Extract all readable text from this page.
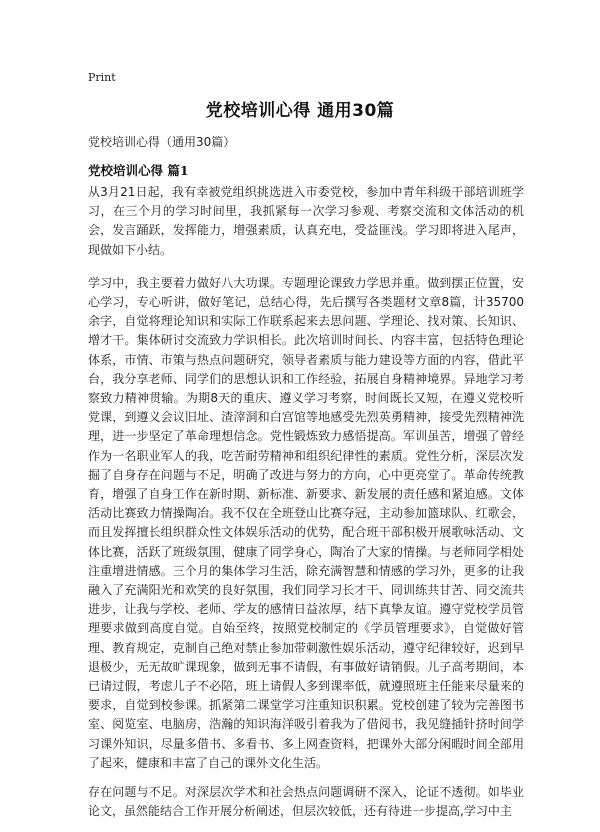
Print
党校培训心得 通用30篇
党校培训心得（通用30篇）
党校培训心得 篇1

从3月21日起，我有幸被党组织挑选进入市委党校，参加中青年科级干部培训班学习，在三个月的学习时间里，我抓紧每一次学习参观、考察交流和文体活动的机会，发言踊跃，发挥能力，增强素质，认真充电，受益匪浅。学习即将进入尾声，现做如下小结。

学习中，我主要着力做好八大功课。专题理论课致力学思并重。做到摆正位置，安心学习，专心听讲，做好笔记，总结心得，先后撰写各类题材文章8篇，计35700余字，自觉将理论知识和实际工作联系起来去思问题、学理论、找对策、长知识、增才干。集体研讨交流致力学识相长。此次培训时间长、内容丰富，包括特色理论体系，市情、市策与热点问题研究，领导者素质与能力建设等方面的内容，借此平台，我分享老师、同学们的思想认识和工作经验，拓展自身精神境界。异地学习考察致力精神贯输。为期8天的重庆、遵义学习考察，时间既长又短，在遵义党校听党课，到遵义会议旧址、渣滓洞和白宫馆等地感受先烈英勇精神，接受先烈精神洗理，进一步坚定了革命理想信念。党性锻炼致力感悟提高。军训虽苦，增强了曾经作为一名职业军人的我，吃苦耐劳精神和组织纪律性的素质。党性分析，深层次发掘了自身存在问题与不足，明确了改进与努力的方向，心中更亮堂了。革命传统教育，增强了自身工作在新时期、新标准、新要求、新发展的责任感和紧迫感。文体活动比赛致力情操陶冶。我不仅在全班登山比赛夺冠，主动参加篮球队、红歌会，而且发挥擅长组织群众性文体娱乐活动的优势，配合班干部积极开展歌咏活动、文体比赛，活跃了班级氛围，健康了同学身心，陶冶了大家的情操。与老师同学相处注重增进情感。三个月的集体学习生活，除充满智慧和情感的学习外，更多的让我融入了充满阳光和欢笑的良好氛围，我们同学习长才干、同训练共甘苦、同交流共进步，让我与学校、老师、学友的感情日益浓厚，结下真挚友谊。遵守党校学员管理要求做到高度自觉。自始至终，按照党校制定的《学员管理要求》，自觉做好管理、教育规定，克制自己绝对禁止参加带刺激性娱乐活动，遵守纪律较好，迟到早退极少，无无故旷课现象，做到无事不请假，有事做好请销假。儿子高考期间，本已请过假，考虑儿子不必陪，班上请假人多到课率低，就遵照班主任能来尽量来的要求，自觉到校参课。抓紧第二课堂学习注重知识积累。党校创建了较为完善图书室、阅览室、电脑房，浩瀚的知识海洋吸引着我为了借阅书，我见缝插针挤时间学习课外知识，尽量多借书、多看书、多上网查资料，把课外大部分闲暇时间全部用了起来，健康和丰富了自己的课外文化生活。

存在问题与不足。对深层次学术和社会热点问题调研不深入，论证不透彻。如毕业论文，虽然能结合工作开展分析阐述，但层次较低，还有待进一步提高,学习中主
